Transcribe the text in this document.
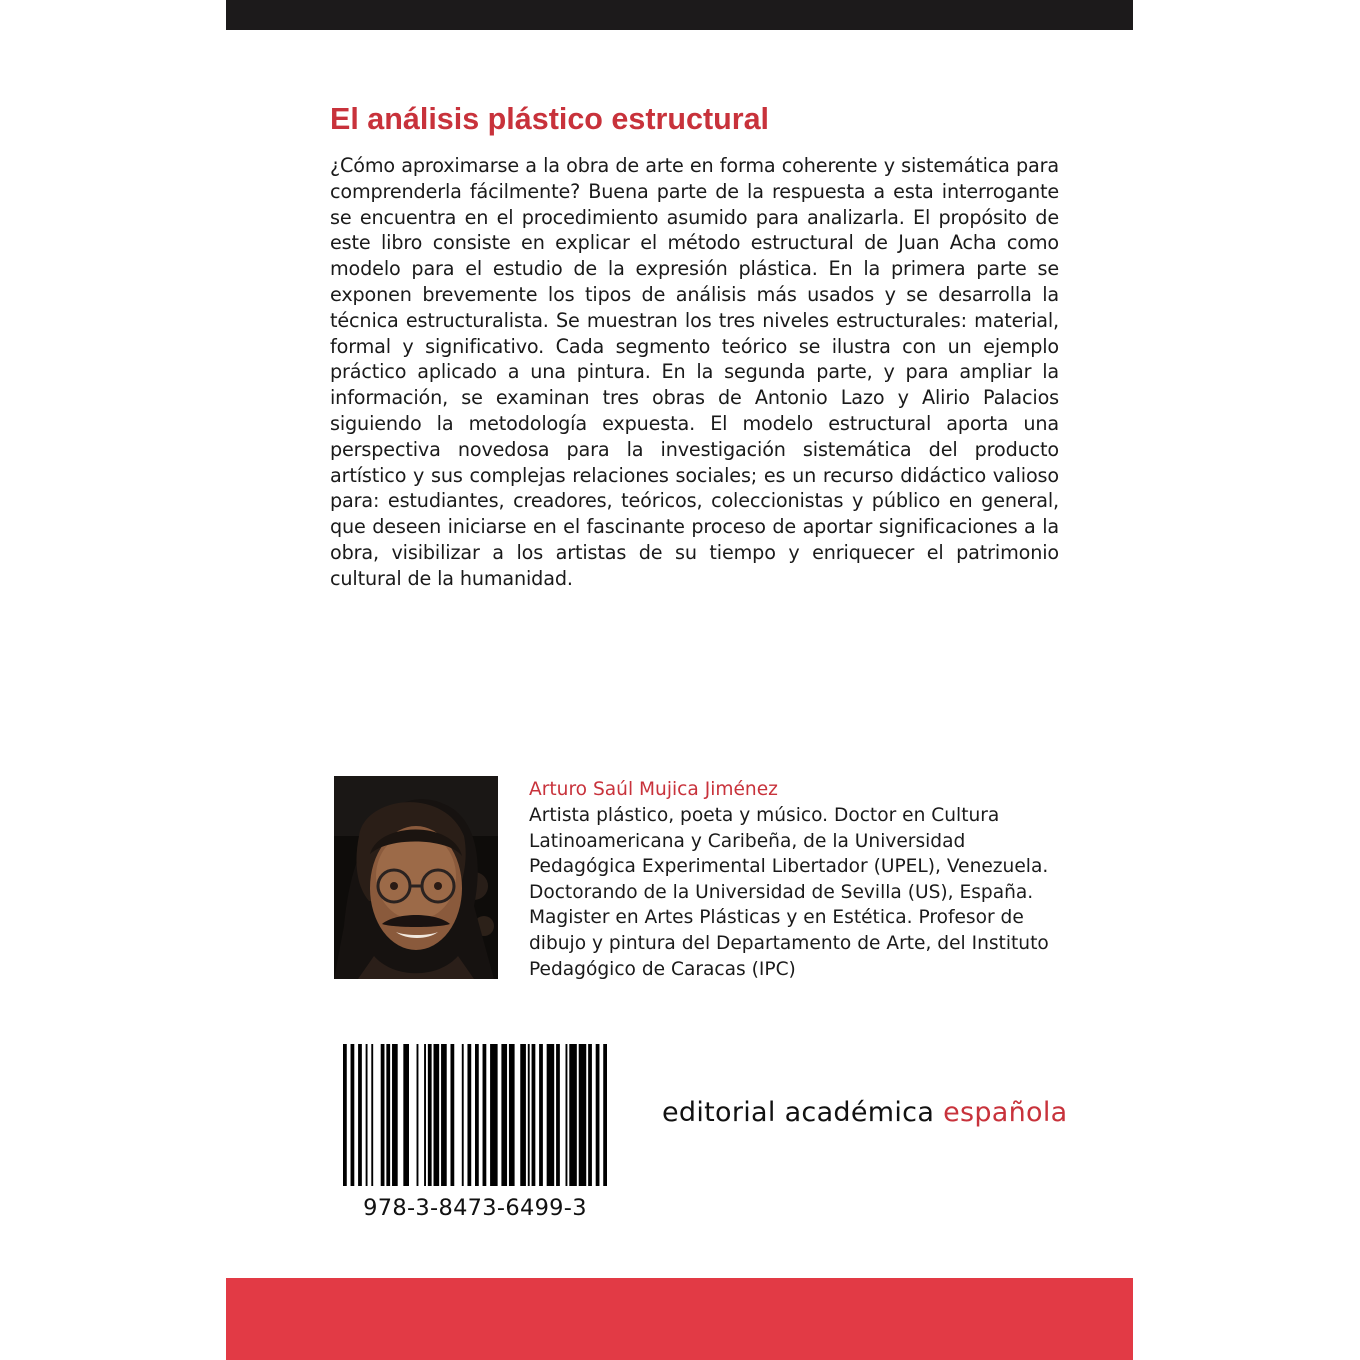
El análisis plástico estructural

¿Cómo aproximarse a la obra de arte en forma coherente y sistemática para comprenderla fácilmente? Buena parte de la respuesta a esta interrogante se encuentra en el procedimiento asumido para analizarla. El propósito de este libro consiste en explicar el método estructural de Juan Acha como modelo para el estudio de la expresión plástica. En la primera parte se exponen brevemente los tipos de análisis más usados y se desarrolla la técnica estructuralista. Se muestran los tres niveles estructurales: material, formal y significativo. Cada segmento teórico se ilustra con un ejemplo práctico aplicado a una pintura. En la segunda parte, y para ampliar la información, se examinan tres obras de Antonio Lazo y Alirio Palacios siguiendo la metodología expuesta. El modelo estructural aporta una perspectiva novedosa para la investigación sistemática del producto artístico y sus complejas relaciones sociales; es un recurso didáctico valioso para: estudiantes, creadores, teóricos, coleccionistas y público en general, que deseen iniciarse en el fascinante proceso de aportar significaciones a la obra, visibilizar a los artistas de su tiempo y enriquecer el patrimonio cultural de la humanidad.

Arturo Saúl Mujica Jiménez

Artista plástico, poeta y músico. Doctor en Cultura Latinoamericana y Caribeña, de la Universidad Pedagógica Experimental Libertador (UPEL), Venezuela. Doctorando de la Universidad de Sevilla (US), España. Magister en Artes Plásticas y en Estética. Profesor de dibujo y pintura del Departamento de Arte, del Instituto Pedagógico de Caracas (IPC)

978-3-8473-6499-3

editorial académica española
